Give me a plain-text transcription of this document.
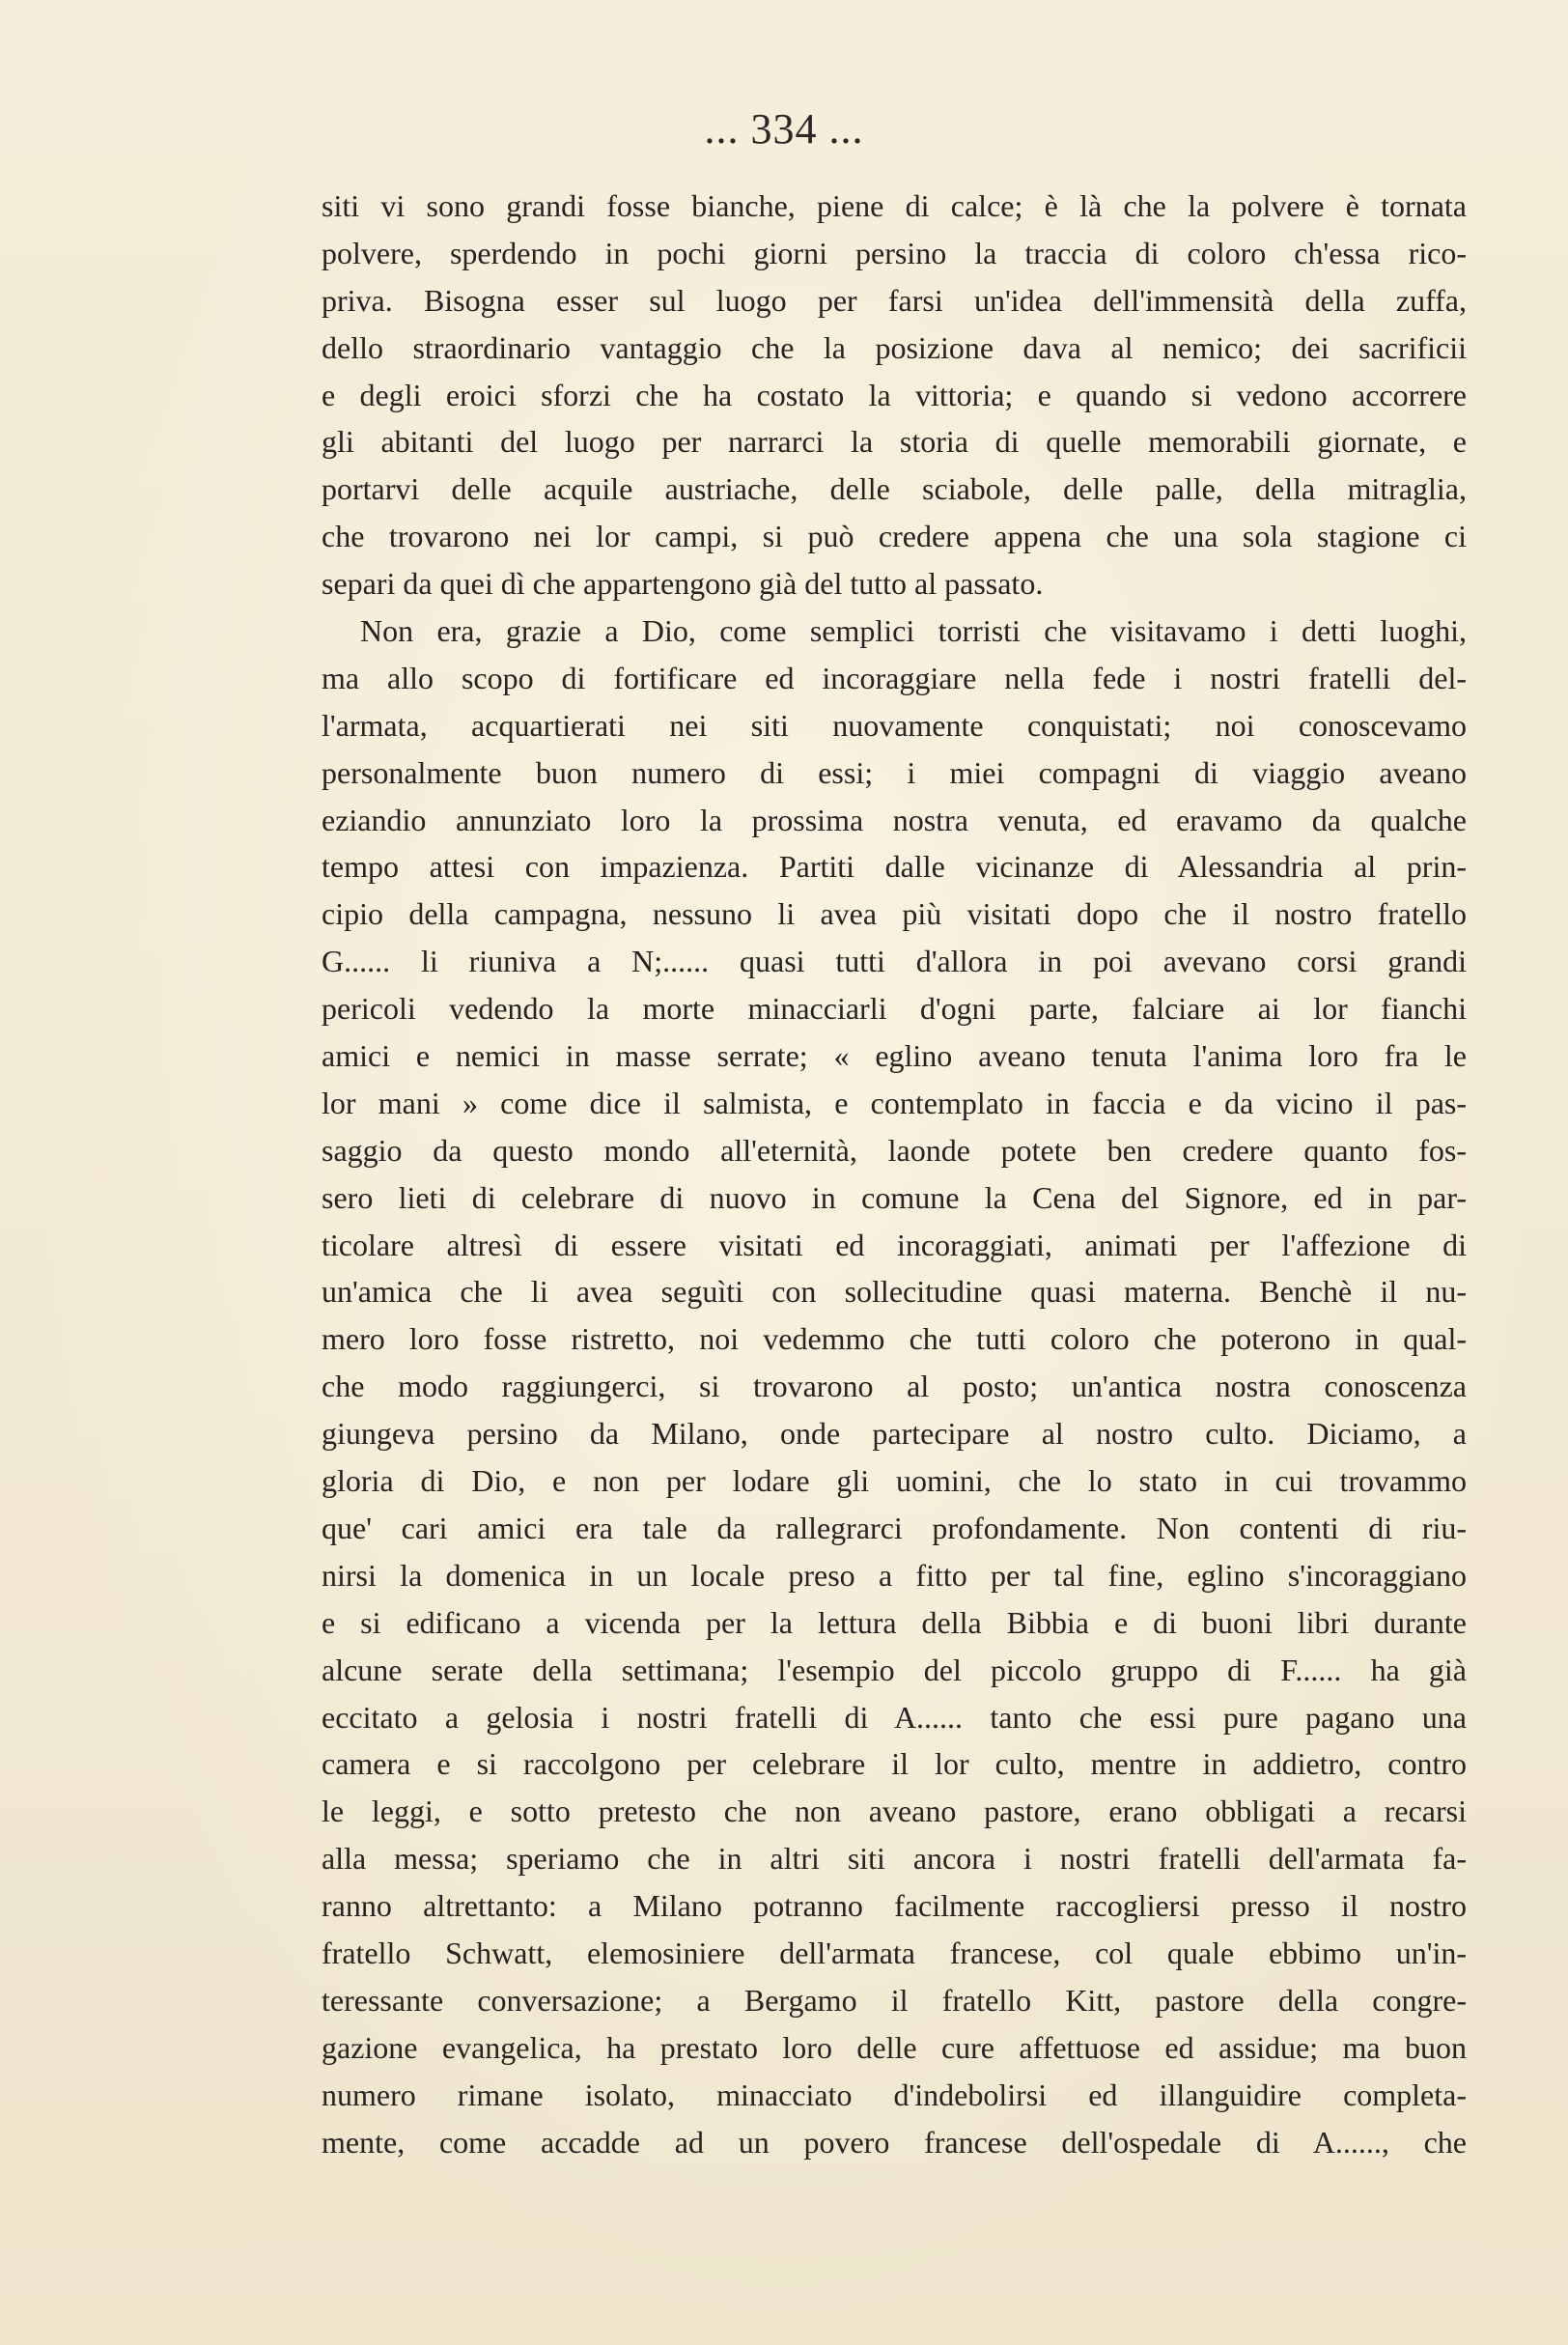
... 334 ...
siti vi sono grandi fosse bianche, piene di calce; è là che la polvere è tornata
polvere, sperdendo in pochi giorni persino la traccia di coloro ch'essa rico-
priva. Bisogna esser sul luogo per farsi un'idea dell'immensità della zuffa,
dello straordinario vantaggio che la posizione dava al nemico; dei sacrificii
e degli eroici sforzi che ha costato la vittoria; e quando si vedono accorrere
gli abitanti del luogo per narrarci la storia di quelle memorabili giornate, e
portarvi delle acquile austriache, delle sciabole, delle palle, della mitraglia,
che trovarono nei lor campi, si può credere appena che una sola stagione ci
separi da quei dì che appartengono già del tutto al passato.
Non era, grazie a Dio, come semplici torristi che visitavamo i detti luoghi,
ma allo scopo di fortificare ed incoraggiare nella fede i nostri fratelli del-
l'armata, acquartierati nei siti nuovamente conquistati; noi conoscevamo
personalmente buon numero di essi; i miei compagni di viaggio aveano
eziandio annunziato loro la prossima nostra venuta, ed eravamo da qualche
tempo attesi con impazienza. Partiti dalle vicinanze di Alessandria al prin-
cipio della campagna, nessuno li avea più visitati dopo che il nostro fratello
G...... li riuniva a N;...... quasi tutti d'allora in poi avevano corsi grandi
pericoli vedendo la morte minacciarli d'ogni parte, falciare ai lor fianchi
amici e nemici in masse serrate; « eglino aveano tenuta l'anima loro fra le
lor mani » come dice il salmista, e contemplato in faccia e da vicino il pas-
saggio da questo mondo all'eternità, laonde potete ben credere quanto fos-
sero lieti di celebrare di nuovo in comune la Cena del Signore, ed in par-
ticolare altresì di essere visitati ed incoraggiati, animati per l'affezione di
un'amica che li avea seguìti con sollecitudine quasi materna. Benchè il nu-
mero loro fosse ristretto, noi vedemmo che tutti coloro che poterono in qual-
che modo raggiungerci, si trovarono al posto; un'antica nostra conoscenza
giungeva persino da Milano, onde partecipare al nostro culto. Diciamo, a
gloria di Dio, e non per lodare gli uomini, che lo stato in cui trovammo
que' cari amici era tale da rallegrarci profondamente. Non contenti di riu-
nirsi la domenica in un locale preso a fitto per tal fine, eglino s'incoraggiano
e si edificano a vicenda per la lettura della Bibbia e di buoni libri durante
alcune serate della settimana; l'esempio del piccolo gruppo di F...... ha già
eccitato a gelosia i nostri fratelli di A...... tanto che essi pure pagano una
camera e si raccolgono per celebrare il lor culto, mentre in addietro, contro
le leggi, e sotto pretesto che non aveano pastore, erano obbligati a recarsi
alla messa; speriamo che in altri siti ancora i nostri fratelli dell'armata fa-
ranno altrettanto: a Milano potranno facilmente raccogliersi presso il nostro
fratello Schwatt, elemosiniere dell'armata francese, col quale ebbimo un'in-
teressante conversazione; a Bergamo il fratello Kitt, pastore della congre-
gazione evangelica, ha prestato loro delle cure affettuose ed assidue; ma buon
numero rimane isolato, minacciato d'indebolirsi ed illanguidire completa-
mente, come accadde ad un povero francese dell'ospedale di A......, che
